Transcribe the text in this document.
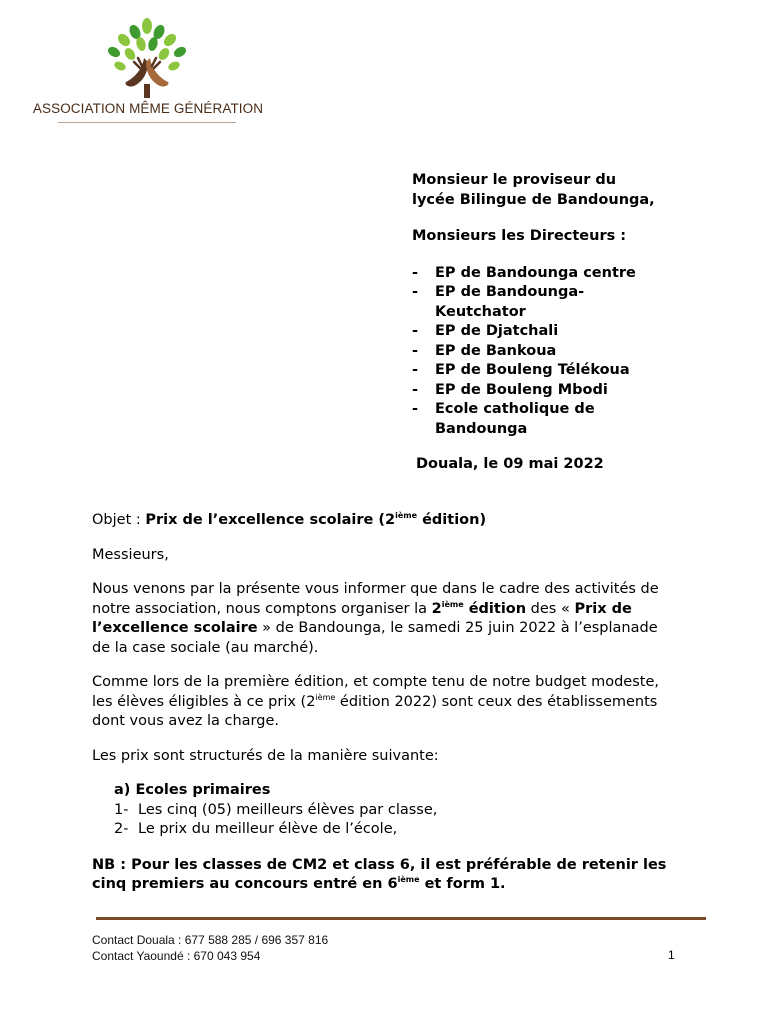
ASSOCIATION MÊME GÉNÉRATION

Monsieur le proviseur du

lycée Bilingue de Bandounga,

Monsieurs les Directeurs :

- EP de Bandounga centre
- EP de Bandounga-
Keutchator
- EP de Djatchali
- EP de Bankoua
- EP de Bouleng Télékoua
- EP de Bouleng Mbodi
- Ecole catholique de
Bandounga

Douala, le 09 mai 2022

Objet : Prix de l’excellence scolaire (2ième édition)

Messieurs,

Nous venons par la présente vous informer que dans le cadre des activités de notre association, nous comptons organiser la 2ième édition des « Prix de l’excellence scolaire » de Bandounga, le samedi 25 juin 2022 à l’esplanade de la case sociale (au marché).

Comme lors de la première édition, et compte tenu de notre budget modeste, les élèves éligibles à ce prix (2ième édition 2022) sont ceux des établissements dont vous avez la charge.

Les prix sont structurés de la manière suivante:

a) Ecoles primaires

1- Les cinq (05) meilleurs élèves par classe,
2- Le prix du meilleur élève de l’école,

NB : Pour les classes de CM2 et class 6, il est préférable de retenir les cinq premiers au concours entré en 6ième et form 1.

Contact Douala : 677 588 285 / 696 357 816
Contact Yaoundé : 670 043 954	1
